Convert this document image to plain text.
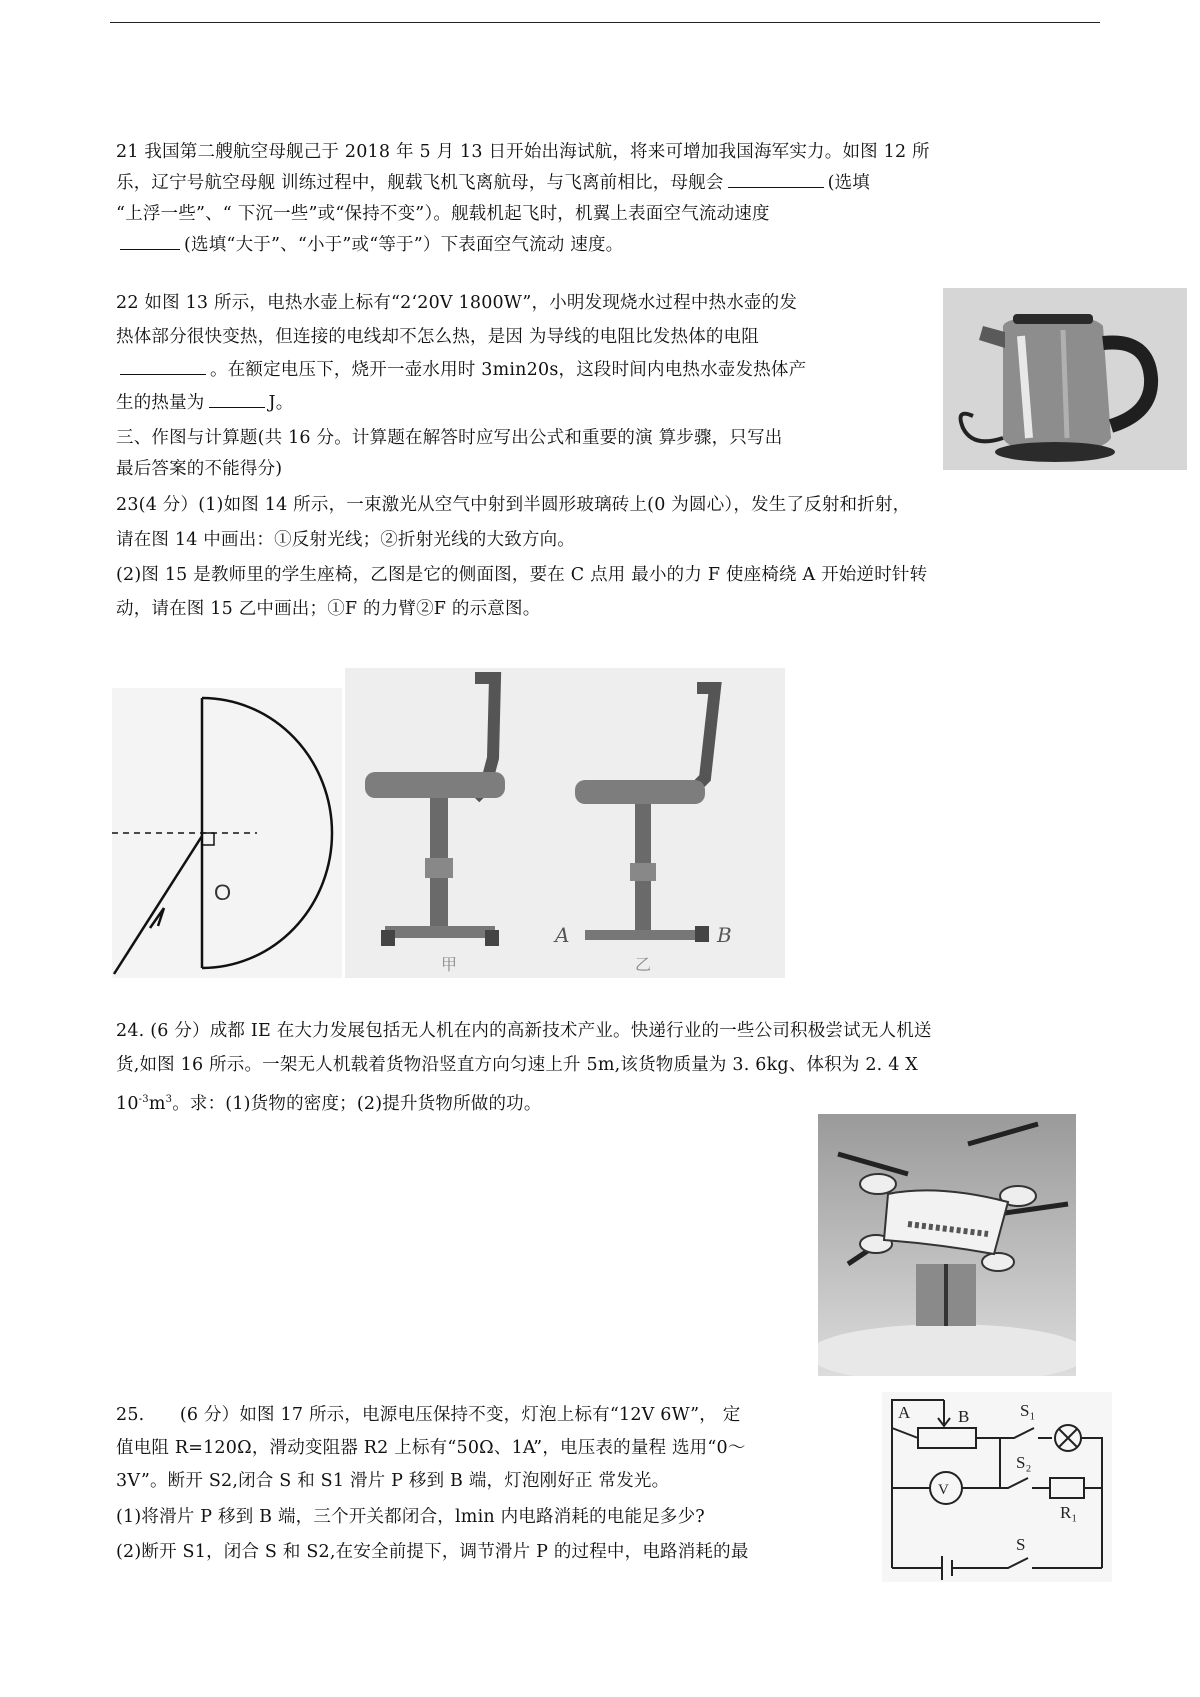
21 我国第二艘航空母舰己于 2018 年 5 月 13 日开始出海试航，将来可增加我国海军实力。如图 12 所
乐，辽宁号航空母舰 训练过程中，舰载飞机飞离航母，与飞离前相比，母舰会	(选填
“上浮一些”、“ 下沉一些”或“保持不变”）。舰载机起飞时，机翼上表面空气流动速度
(选填“大于”、“小于”或“等于”）下表面空气流动 速度。
22 如图 13 所示，电热水壶上标有“2‘20V 1800W”，小明发现烧水过程中热水壶的发
热体部分很快变热，但连接的电线却不怎么热，是因 为导线的电阻比发热体的电阻
。在额定电压下，烧开一壶水用时 3min20s，这段时间内电热水壶发热体产
生的热量为	J。
三、作图与计算题(共 16 分。计算题在解答时应写出公式和重要的演 算步骤，只写出
最后答案的不能得分)
23(4 分）(1)如图 14 所示，一束激光从空气中射到半圆形玻璃砖上(0 为圆心），发生了反射和折射，
请在图 14 中画出：①反射光线；②折射光线的大致方向。
(2)图 15 是教师里的学生座椅，乙图是它的侧面图，要在 C 点用 最小的力 F 使座椅绕 A 开始逆时针转
动，请在图 15 乙中画出；①F 的力臂②F 的示意图。
O
甲
A	B
乙
24. (6 分）成都 IE 在大力发展包括无人机在内的高新技术产业。快递行业的一些公司积极尝试无人机送
货,如图 16 所示。一架无人机载着货物沿竖直方向匀速上升 5m,该货物质量为 3. 6kg、体积为 2. 4 X
$10^{-3}m^3$。求：(1)货物的密度；(2)提升货物所做的功。
25.　　(6 分）如图 17 所示，电源电压保持不变，灯泡上标有“12V 6W”， 定
值电阻 R=120Ω，滑动变阻器 R2 上标有“50Ω、1A”，电压表的量程 选用“0〜
3V”。断开 S2,闭合 S 和 S1 滑片 P 移到 B 端，灯泡刚好正 常发光。
(1)将滑片 P 移到 B 端，三个开关都闭合，lmin 内电路消耗的电能足多少?
(2)断开 S1，闭合 S 和 S2,在安全前提下，调节滑片 P 的过程中，电路消耗的最
A	B	S₁
S₂
V
R₁
S
